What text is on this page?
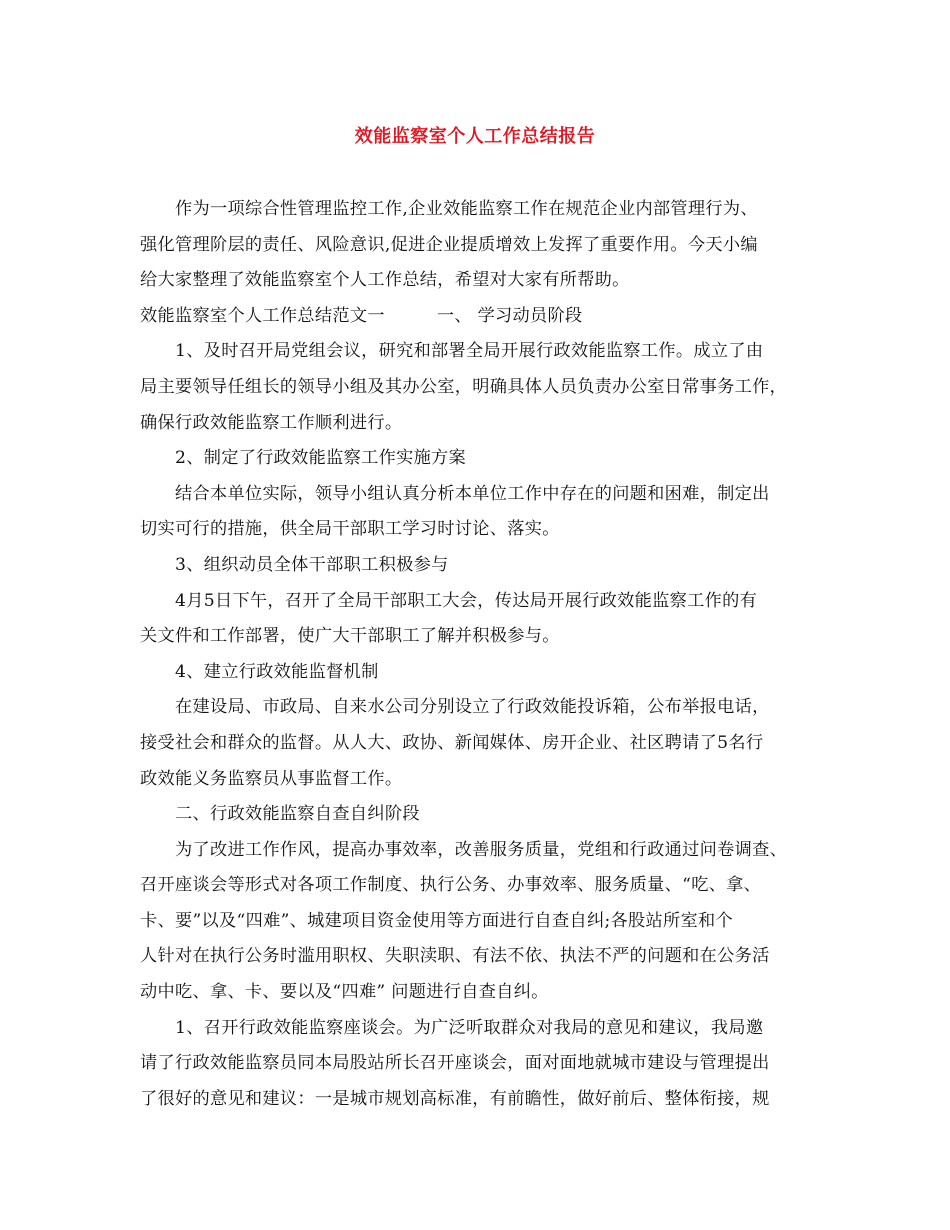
效能监察室个人工作总结报告
作为一项综合性管理监控工作,企业效能监察工作在规范企业内部管理行为、
强化管理阶层的责任、风险意识,促进企业提质增效上发挥了重要作用。今天小编
给大家整理了效能监察室个人工作总结，希望对大家有所帮助。
效能监察室个人工作总结范文一	一、 学习动员阶段
1、及时召开局党组会议，研究和部署全局开展行政效能监察工作。成立了由
局主要领导任组长的领导小组及其办公室，明确具体人员负责办公室日常事务工作，
确保行政效能监察工作顺利进行。
2、制定了行政效能监察工作实施方案
结合本单位实际，领导小组认真分析本单位工作中存在的问题和困难，制定出
切实可行的措施，供全局干部职工学习时讨论、落实。
3、组织动员全体干部职工积极参与
4月5日下午，召开了全局干部职工大会，传达局开展行政效能监察工作的有
关文件和工作部署，使广大干部职工了解并积极参与。
4、建立行政效能监督机制
在建设局、市政局、自来水公司分别设立了行政效能投诉箱，公布举报电话，
接受社会和群众的监督。从人大、政协、新闻媒体、房开企业、社区聘请了5名行
政效能义务监察员从事监督工作。
二、行政效能监察自查自纠阶段
为了改进工作作风，提高办事效率，改善服务质量，党组和行政通过问卷调查、
召开座谈会等形式对各项工作制度、执行公务、办事效率、服务质量、“吃、拿、
卡、要”以及“四难”、城建项目资金使用等方面进行自查自纠;各股站所室和个
人针对在执行公务时滥用职权、失职渎职、有法不依、执法不严的问题和在公务活
动中吃、拿、卡、要以及“四难” 问题进行自查自纠。
1、召开行政效能监察座谈会。为广泛听取群众对我局的意见和建议，我局邀
请了行政效能监察员同本局股站所长召开座谈会，面对面地就城市建设与管理提出
了很好的意见和建议：一是城市规划高标准，有前瞻性，做好前后、整体衔接，规
